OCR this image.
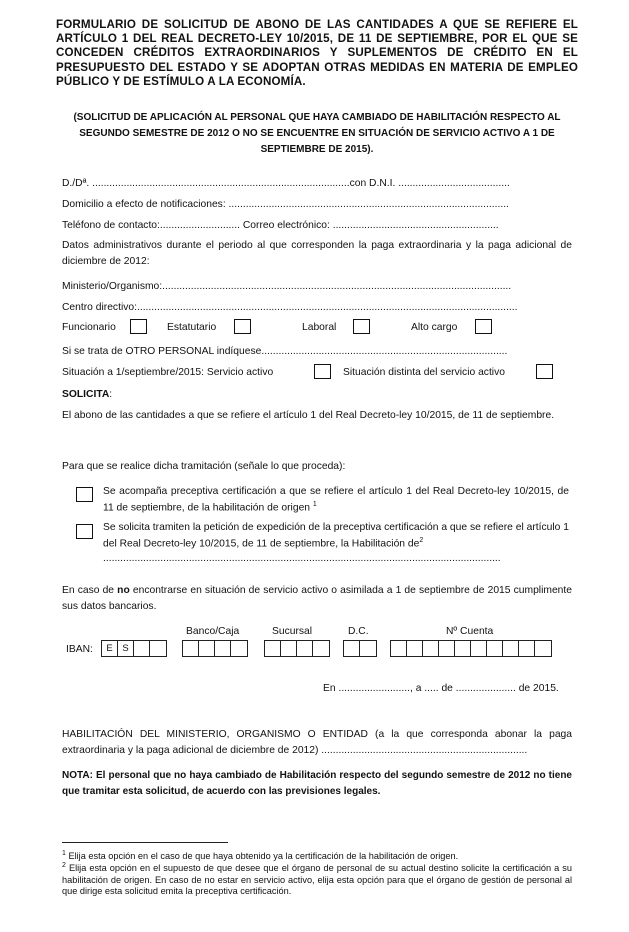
FORMULARIO DE SOLICITUD DE ABONO DE LAS CANTIDADES A QUE SE REFIERE EL ARTÍCULO 1 DEL REAL DECRETO-LEY 10/2015, DE 11 DE SEPTIEMBRE, POR EL QUE SE CONCEDEN CRÉDITOS EXTRAORDINARIOS Y SUPLEMENTOS DE CRÉDITO EN EL PRESUPUESTO DEL ESTADO Y SE ADOPTAN OTRAS MEDIDAS EN MATERIA DE EMPLEO PÚBLICO Y DE ESTÍMULO A LA ECONOMÍA.
(SOLICITUD DE APLICACIÓN AL PERSONAL QUE HAYA CAMBIADO DE HABILITACIÓN RESPECTO AL SEGUNDO SEMESTRE DE 2012 O NO SE ENCUENTRE EN SITUACIÓN DE SERVICIO ACTIVO A 1 DE SEPTIEMBRE DE 2015).
D./Dª. ..........................................................................................con D.N.I. .......................................
Domicilio a efecto de notificaciones: ..................................................................................................
Teléfono de contacto:............................ Correo electrónico: ..........................................................
Datos administrativos durante el periodo al que corresponden la paga extraordinaria y la paga adicional de diciembre de 2012:
Ministerio/Organismo:..........................................................................................................................
Centro directivo:.....................................................................................................................................
Funcionario	Estatutario	Laboral	Alto cargo
Si se trata de OTRO PERSONAL indíquese......................................................................................
Situación a 1/septiembre/2015: Servicio activo	Situación distinta del servicio activo
SOLICITA:
El abono de las cantidades a que se refiere el artículo 1 del Real Decreto-ley 10/2015, de 11 de septiembre.
Para que se realice dicha tramitación (señale lo que proceda):
Se acompaña preceptiva certificación a que se refiere el artículo 1 del Real Decreto-ley 10/2015, de 11 de septiembre, de la habilitación de origen $^1$
Se solicita tramiten la petición de expedición de la preceptiva certificación a que se refiere el artículo 1 del Real Decreto-ley 10/2015, de 11 de septiembre, la Habilitación $de^2$
...........................................................................................................................................
En caso de no encontrarse en situación de servicio activo o asimilada a 1 de septiembre de 2015 cumplimente sus datos bancarios.
Banco/Caja	Sucursal	D.C.	Nº Cuenta
IBAN:	E	S
En ........................., a ..... de ..................... de 2015.
HABILITACIÓN DEL MINISTERIO, ORGANISMO O ENTIDAD (a la que corresponda abonar la paga extraordinaria y la paga adicional de diciembre de 2012) ........................................................................
NOTA: El personal que no haya cambiado de Habilitación respecto del segundo semestre de 2012 no tiene que tramitar esta solicitud, de acuerdo con las previsiones legales.
$^1$ Elija esta opción en el caso de que haya obtenido ya la certificación de la habilitación de origen.
$^2$ Elija esta opción en el supuesto de que desee que el órgano de personal de su actual destino solicite la certificación a su habilitación de origen. En caso de no estar en servicio activo, elija esta opción para que el órgano de gestión de personal al que dirige esta solicitud emita la preceptiva certificación.
